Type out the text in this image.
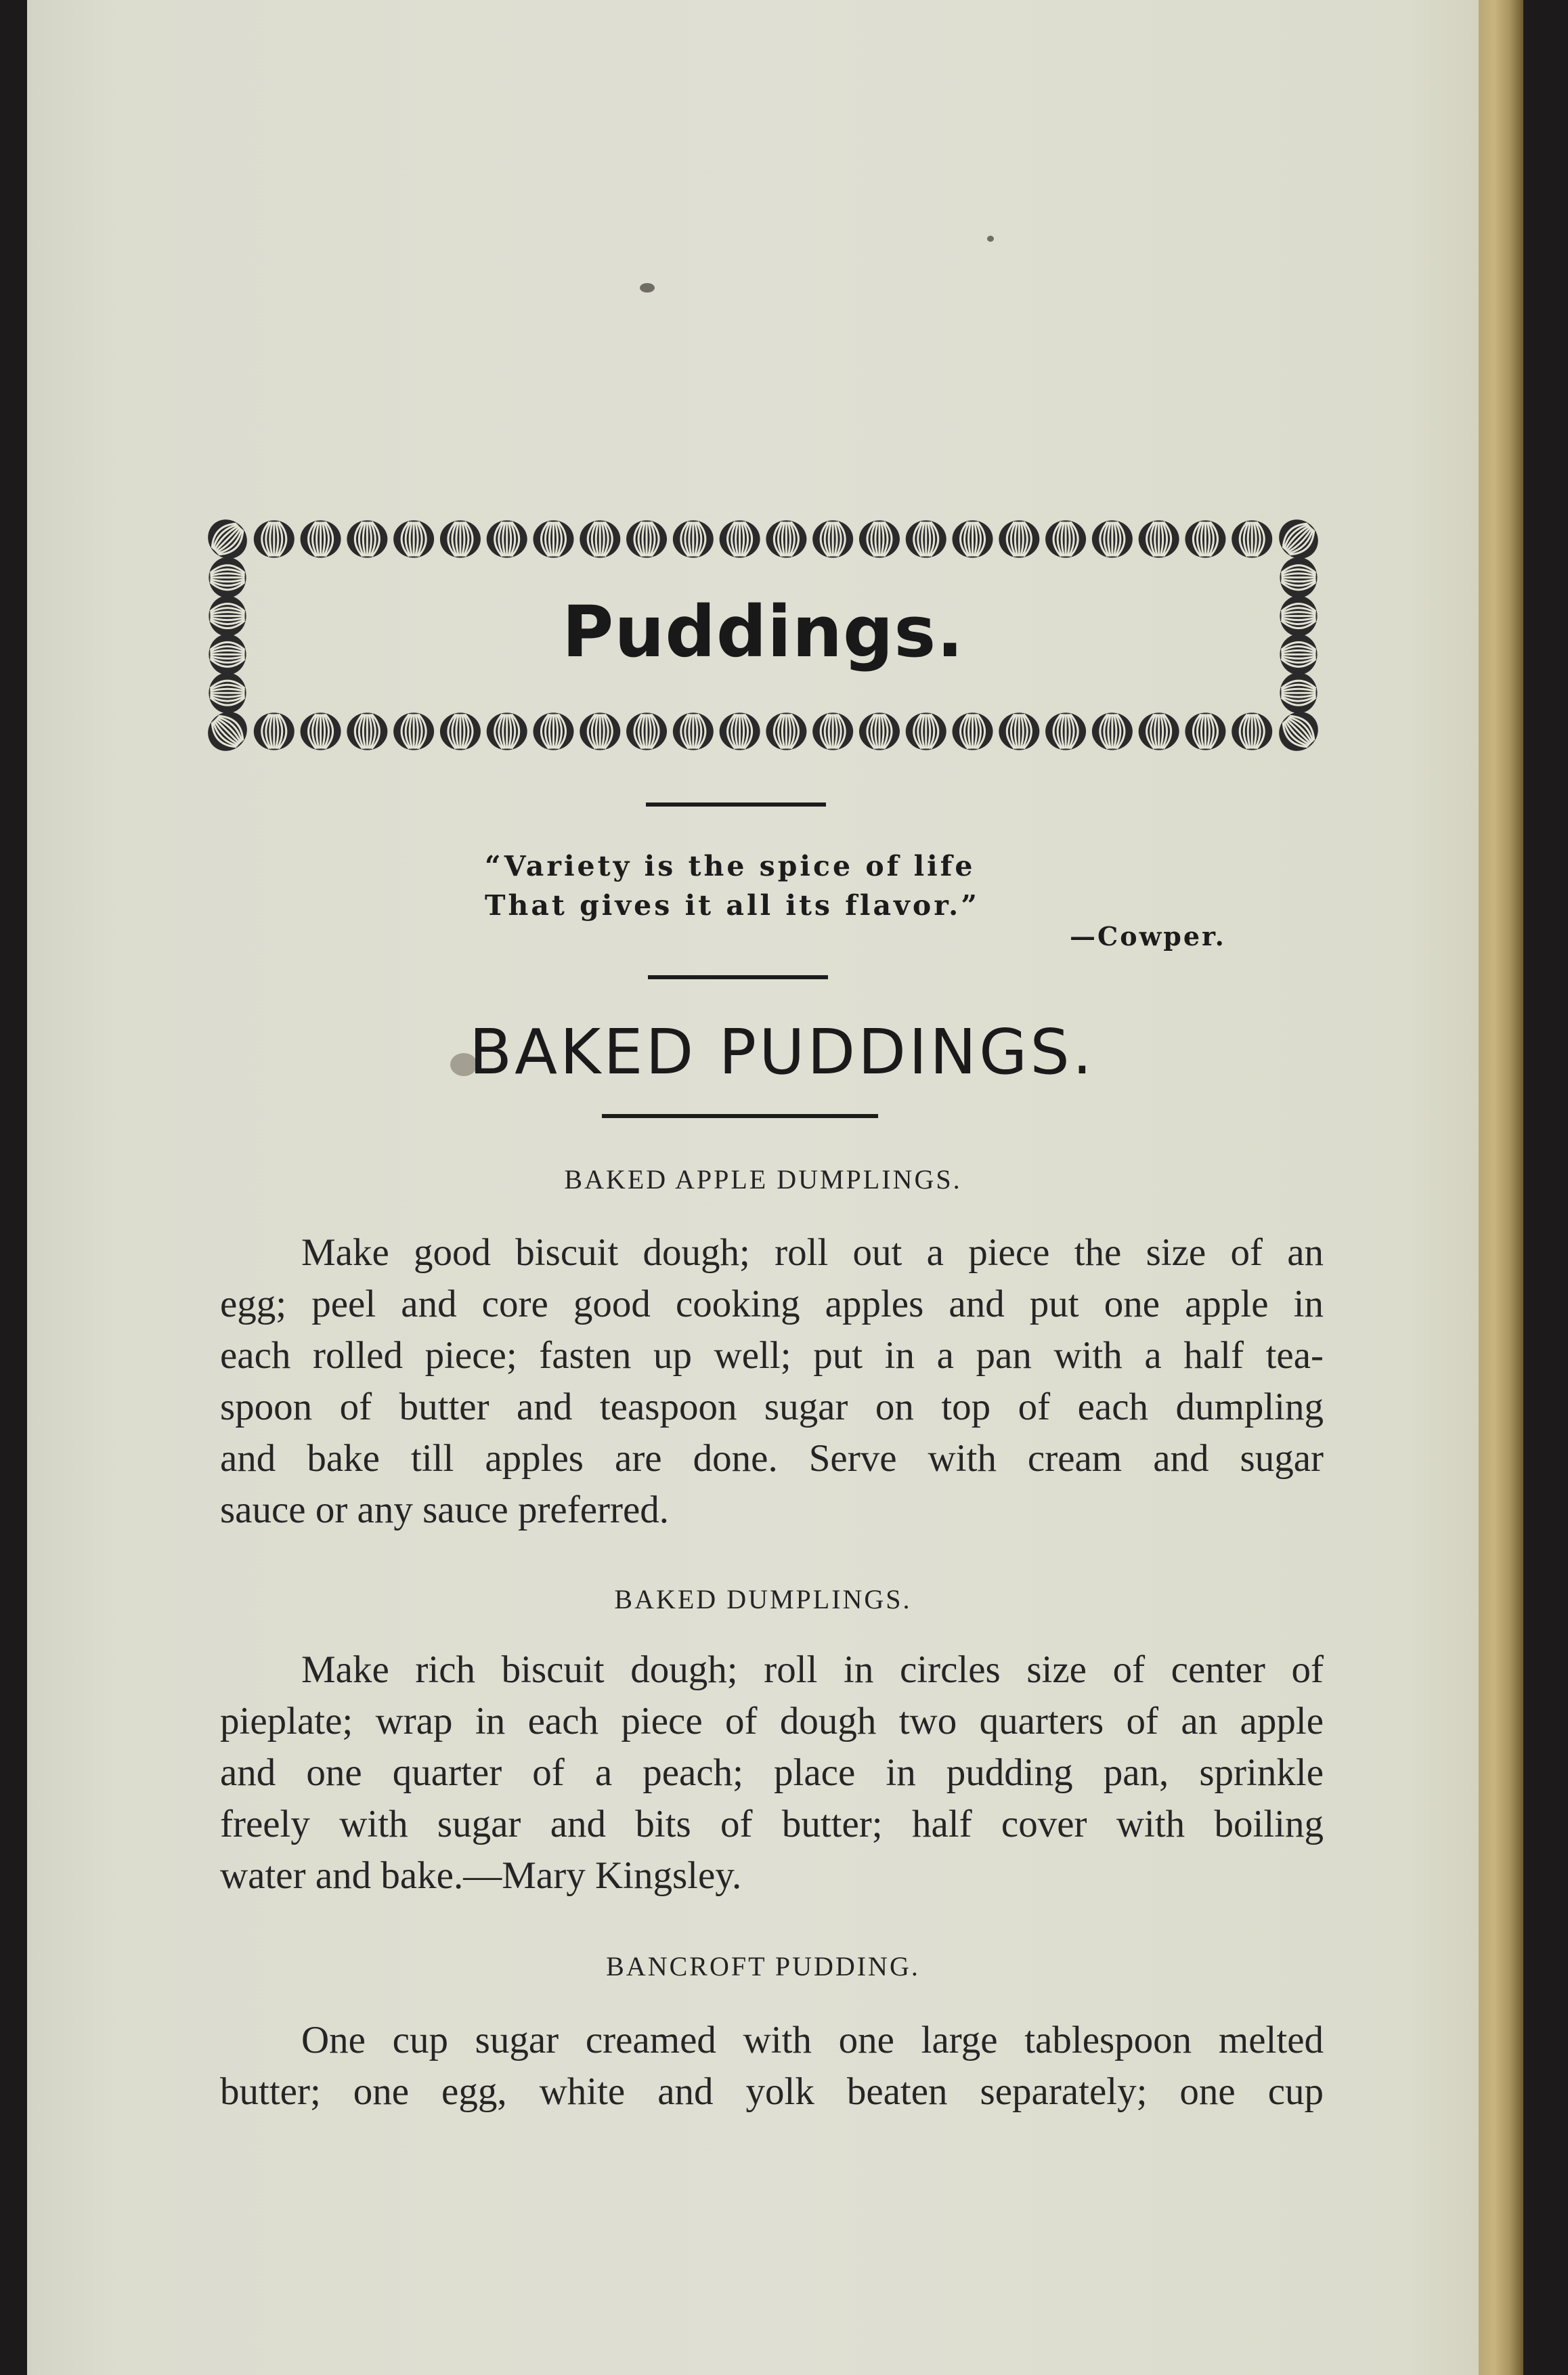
Puddings.
“Variety is the spice of life
That gives it all its flavor.”
—Cowper.
BAKED PUDDINGS.
BAKED APPLE DUMPLINGS.
Make good biscuit dough; roll out a piece the size of an
egg; peel and core good cooking apples and put one apple in
each rolled piece; fasten up well; put in a pan with a half tea-
spoon of butter and teaspoon sugar on top of each dumpling
and bake till apples are done. Serve with cream and sugar
sauce or any sauce preferred.
BAKED DUMPLINGS.
Make rich biscuit dough; roll in circles size of center of
pieplate; wrap in each piece of dough two quarters of an apple
and one quarter of a peach; place in pudding pan, sprinkle
freely with sugar and bits of butter; half cover with boiling
water and bake.—Mary Kingsley.
BANCROFT PUDDING.
One cup sugar creamed with one large tablespoon melted
butter; one egg, white and yolk beaten separately; one cup
